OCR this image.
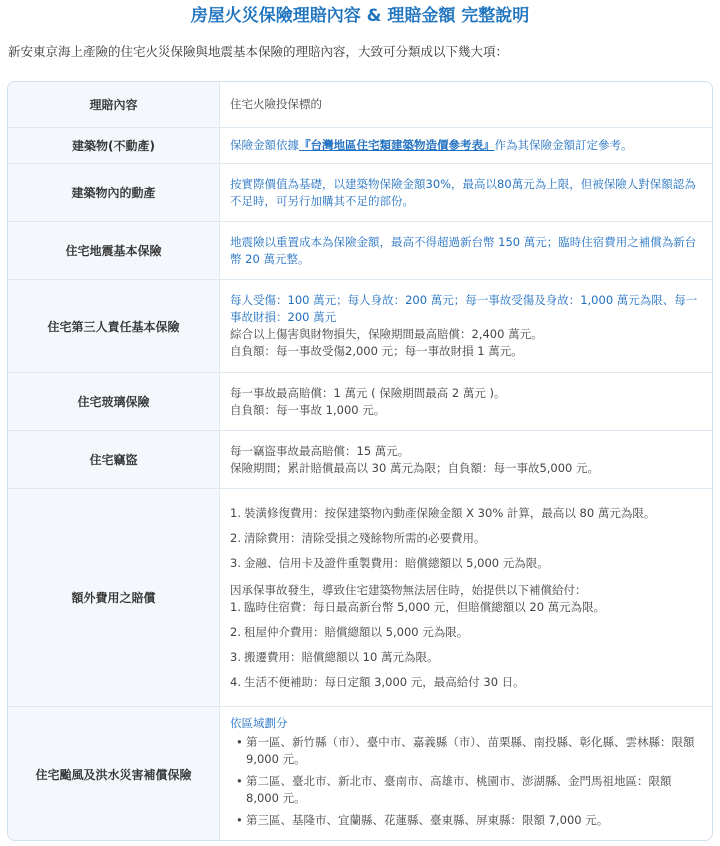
房屋火災保險理賠內容 & 理賠金額 完整說明

新安東京海上產險的住宅火災保險與地震基本保險的理賠內容，大致可分類成以下幾大項：

理賠內容	住宅火險投保標的
建築物(不動產)	保險金額依據『台灣地區住宅類建築物造價參考表』作為其保險金額訂定參考。
建築物內的動產
按實際價值為基礎，以建築物保險金額30%，最高以80萬元為上限，但被保險人對保額認為不足時，可另行加購其不足的部份。
住宅地震基本保險
地震險以重置成本為保險金額，最高不得超過新台幣 150 萬元；臨時住宿費用之補償為新台幣 20 萬元整。
住宅第三人責任基本保險
每人受傷：100 萬元；每人身故：200 萬元；每一事故受傷及身故：1,000 萬元為限、每一事故財損：200 萬元
綜合以上傷害與財物損失，保險期間最高賠償：2,400 萬元。
自負額：每一事故受傷2,000 元；每一事故財損 1 萬元。
住宅玻璃保險
每一事故最高賠償：1 萬元 ( 保險期間最高 2 萬元 )。
自負額：每一事故 1,000 元。
住宅竊盜
每一竊盜事故最高賠償：15 萬元。
保險期間；累計賠償最高以 30 萬元為限；自負額：每一事故5,000 元。
額外費用之賠償
1. 裝潢修復費用：按保建築物內動產保險金額 X 30% 計算，最高以 80 萬元為限。
2. 清除費用：清除受損之殘餘物所需的必要費用。
3. 金融、信用卡及證件重製費用：賠償總額以 5,000 元為限。
因承保事故發生，導致住宅建築物無法居住時，始提供以下補償給付：
1. 臨時住宿費：每日最高新台幣 5,000 元，但賠償總額以 20 萬元為限。
2. 租屋仲介費用：賠償總額以 5,000 元為限。
3. 搬遷費用：賠償總額以 10 萬元為限。
4. 生活不便補助：每日定額 3,000 元，最高給付 30 日。
住宅颱風及洪水災害補償保險
依區域劃分
• 第一區、新竹縣（市）、臺中市、嘉義縣（市）、苗栗縣、南投縣、彰化縣、雲林縣：限額 9,000 元。
• 第二區、臺北市、新北市、臺南市、高雄市、桃園市、澎湖縣、金門馬祖地區：限額 8,000 元。
• 第三區、基隆市、宜蘭縣、花蓮縣、臺東縣、屏東縣：限額 7,000 元。
